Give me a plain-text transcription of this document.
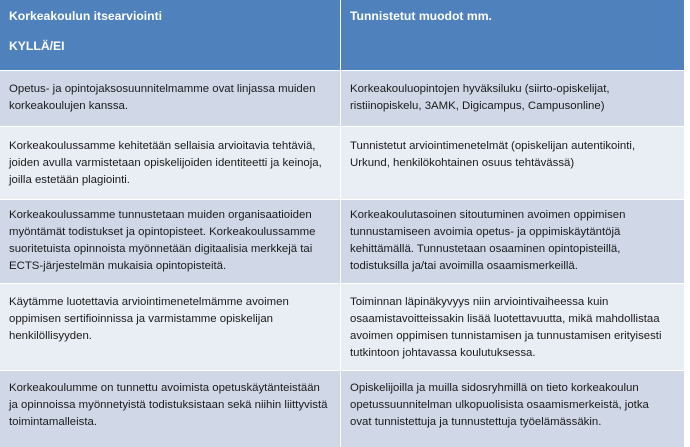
Korkeakoulun itsearviointi
KYLLÄ/EI
Tunnistetut muodot mm.
Opetus- ja opintojaksosuunnitelmamme ovat linjassa muiden
korkeakoulujen kanssa.
Korkeakouluopintojen hyväksiluku (siirto-opiskelijat,
ristiinopiskelu, 3AMK, Digicampus, Campusonline)
Korkeakoulussamme kehitetään sellaisia arvioitavia tehtäviä,
joiden avulla varmistetaan opiskelijoiden identiteetti ja keinoja,
joilla estetään plagiointi.
Tunnistetut arviointimenetelmät (opiskelijan autentikointi,
Urkund, henkilökohtainen osuus tehtävässä)
Korkeakoulussamme tunnustetaan muiden organisaatioiden
myöntämät todistukset ja opintopisteet. Korkeakoulussamme
suoritetuista opinnoista myönnetään digitaalisia merkkejä tai
ECTS-järjestelmän mukaisia opintopisteitä.
Korkeakoulutasoinen sitoutuminen avoimen oppimisen
tunnustamiseen avoimia opetus- ja oppimiskäytäntöjä
kehittämällä. Tunnustetaan osaaminen opintopisteillä,
todistuksilla ja/tai avoimilla osaamismerkeillä.
Käytämme luotettavia arviointimenetelmämme avoimen
oppimisen sertifioinnissa ja varmistamme opiskelijan
henkilöllisyyden.
Toiminnan läpinäkyvyys niin arviointivaiheessa kuin
osaamistavoitteissakin lisää luotettavuutta, mikä mahdollistaa
avoimen oppimisen tunnistamisen ja tunnustamisen erityisesti
tutkintoon johtavassa koulutuksessa.
Korkeakoulumme on tunnettu avoimista opetuskäytänteistään
ja opinnoissa myönnetyistä todistuksistaan sekä niihin liittyvistä
toimintamalleista.
Opiskelijoilla ja muilla sidosryhmillä on tieto korkeakoulun
opetussuunnitelman ulkopuolisista osaamismerkeistä, jotka
ovat tunnistettuja ja tunnustettuja työelämässäkin.
